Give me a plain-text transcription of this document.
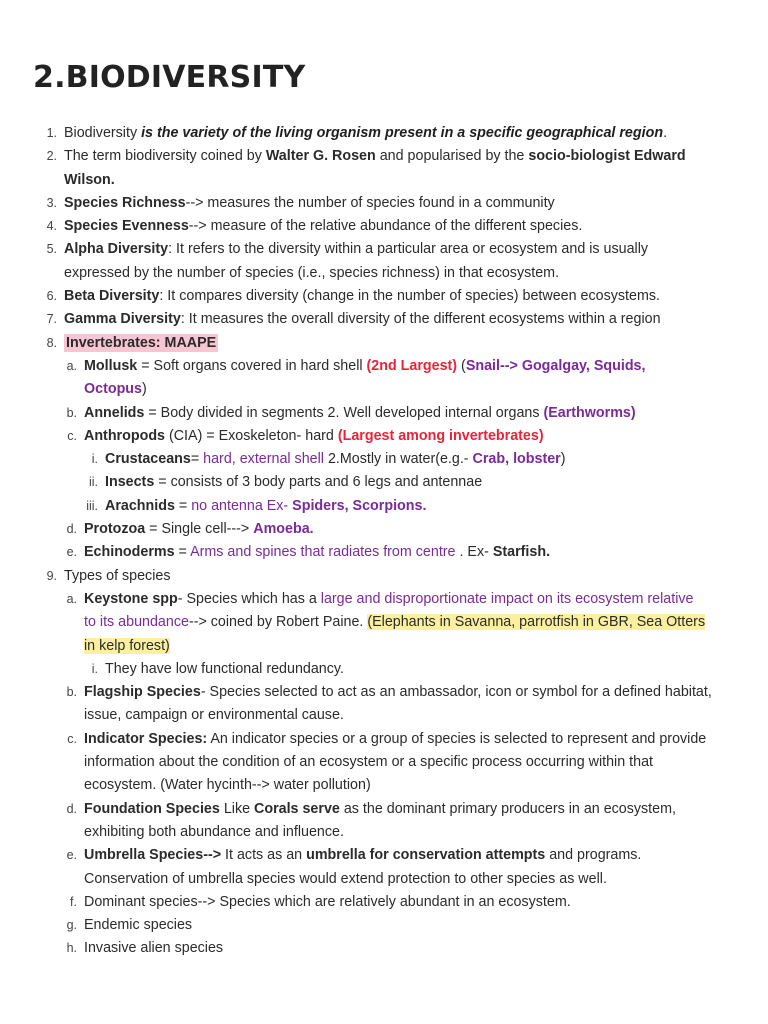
2.BIODIVERSITY
1. Biodiversity is the variety of the living organism present in a specific geographical region.
2. The term biodiversity coined by Walter G. Rosen and popularised by the socio-biologist Edward
Wilson.
3. Species Richness--> measures the number of species found in a community
4. Species Evenness--> measure of the relative abundance of the different species.
5. Alpha Diversity: It refers to the diversity within a particular area or ecosystem and is usually
expressed by the number of species (i.e., species richness) in that ecosystem.
6. Beta Diversity: It compares diversity (change in the number of species) between ecosystems.
7. Gamma Diversity: It measures the overall diversity of the different ecosystems within a region
8. Invertebrates: MAAPE
a. Mollusk = Soft organs covered in hard shell (2nd Largest) (Snail--> Gogalgay, Squids,
Octopus)
b. Annelids = Body divided in segments 2. Well developed internal organs (Earthworms)
c. Anthropods (CIA) = Exoskeleton- hard (Largest among invertebrates)
i. Crustaceans= hard, external shell 2.Mostly in water(e.g.- Crab, lobster)
ii. Insects = consists of 3 body parts and 6 legs and antennae
iii. Arachnids = no antenna Ex- Spiders, Scorpions.
d. Protozoa = Single cell---> Amoeba.
e. Echinoderms = Arms and spines that radiates from centre . Ex- Starfish.
9. Types of species
a. Keystone spp- Species which has a large and disproportionate impact on its ecosystem relative
to its abundance--> coined by Robert Paine. (Elephants in Savanna, parrotfish in GBR, Sea Otters
in kelp forest)
i. They have low functional redundancy.
b. Flagship Species- Species selected to act as an ambassador, icon or symbol for a defined habitat,
issue, campaign or environmental cause.
c. Indicator Species: An indicator species or a group of species is selected to represent and provide
information about the condition of an ecosystem or a specific process occurring within that
ecosystem. (Water hycinth--> water pollution)
d. Foundation Species Like Corals serve as the dominant primary producers in an ecosystem,
exhibiting both abundance and influence.
e. Umbrella Species--> It acts as an umbrella for conservation attempts and programs.
Conservation of umbrella species would extend protection to other species as well.
f. Dominant species--> Species which are relatively abundant in an ecosystem.
g. Endemic species
h. Invasive alien species
